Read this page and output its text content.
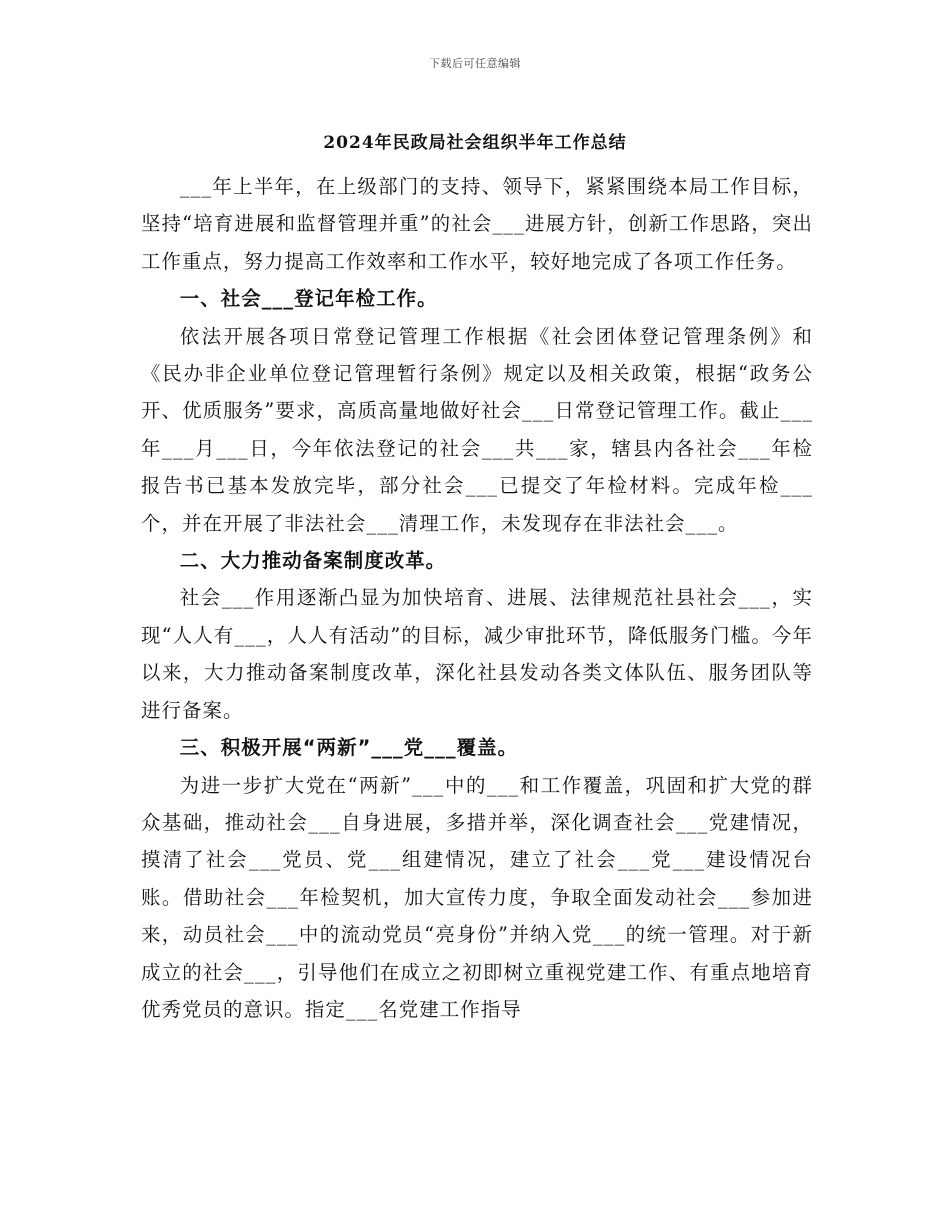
下载后可任意编辑
2024年民政局社会组织半年工作总结

___年上半年，在上级部门的支持、领导下，紧紧围绕本局工作目标，坚持“培育进展和监督管理并重”的社会___进展方针，创新工作思路，突出工作重点，努力提高工作效率和工作水平，较好地完成了各项工作任务。

一、社会___登记年检工作。

依法开展各项日常登记管理工作根据《社会团体登记管理条例》和《民办非企业单位登记管理暂行条例》规定以及相关政策，根据“政务公开、优质服务”要求，高质高量地做好社会___日常登记管理工作。截止___年___月___日，今年依法登记的社会___共___家，辖县内各社会___年检报告书已基本发放完毕，部分社会___已提交了年检材料。完成年检___个，并在开展了非法社会___清理工作，未发现存在非法社会___。

二、大力推动备案制度改革。

社会___作用逐渐凸显为加快培育、进展、法律规范社县社会___，实现“人人有___，人人有活动”的目标，减少审批环节，降低服务门槛。今年以来，大力推动备案制度改革，深化社县发动各类文体队伍、服务团队等进行备案。

三、积极开展“两新”___党___覆盖。

为进一步扩大党在“两新”___中的___和工作覆盖，巩固和扩大党的群众基础，推动社会___自身进展，多措并举，深化调查社会___党建情况，摸清了社会___党员、党___组建情况，建立了社会___党___建设情况台账。借助社会___年检契机，加大宣传力度，争取全面发动社会___参加进来，动员社会___中的流动党员“亮身份”并纳入党___的统一管理。对于新成立的社会___，引导他们在成立之初即树立重视党建工作、有重点地培育优秀党员的意识。指定___名党建工作指导
